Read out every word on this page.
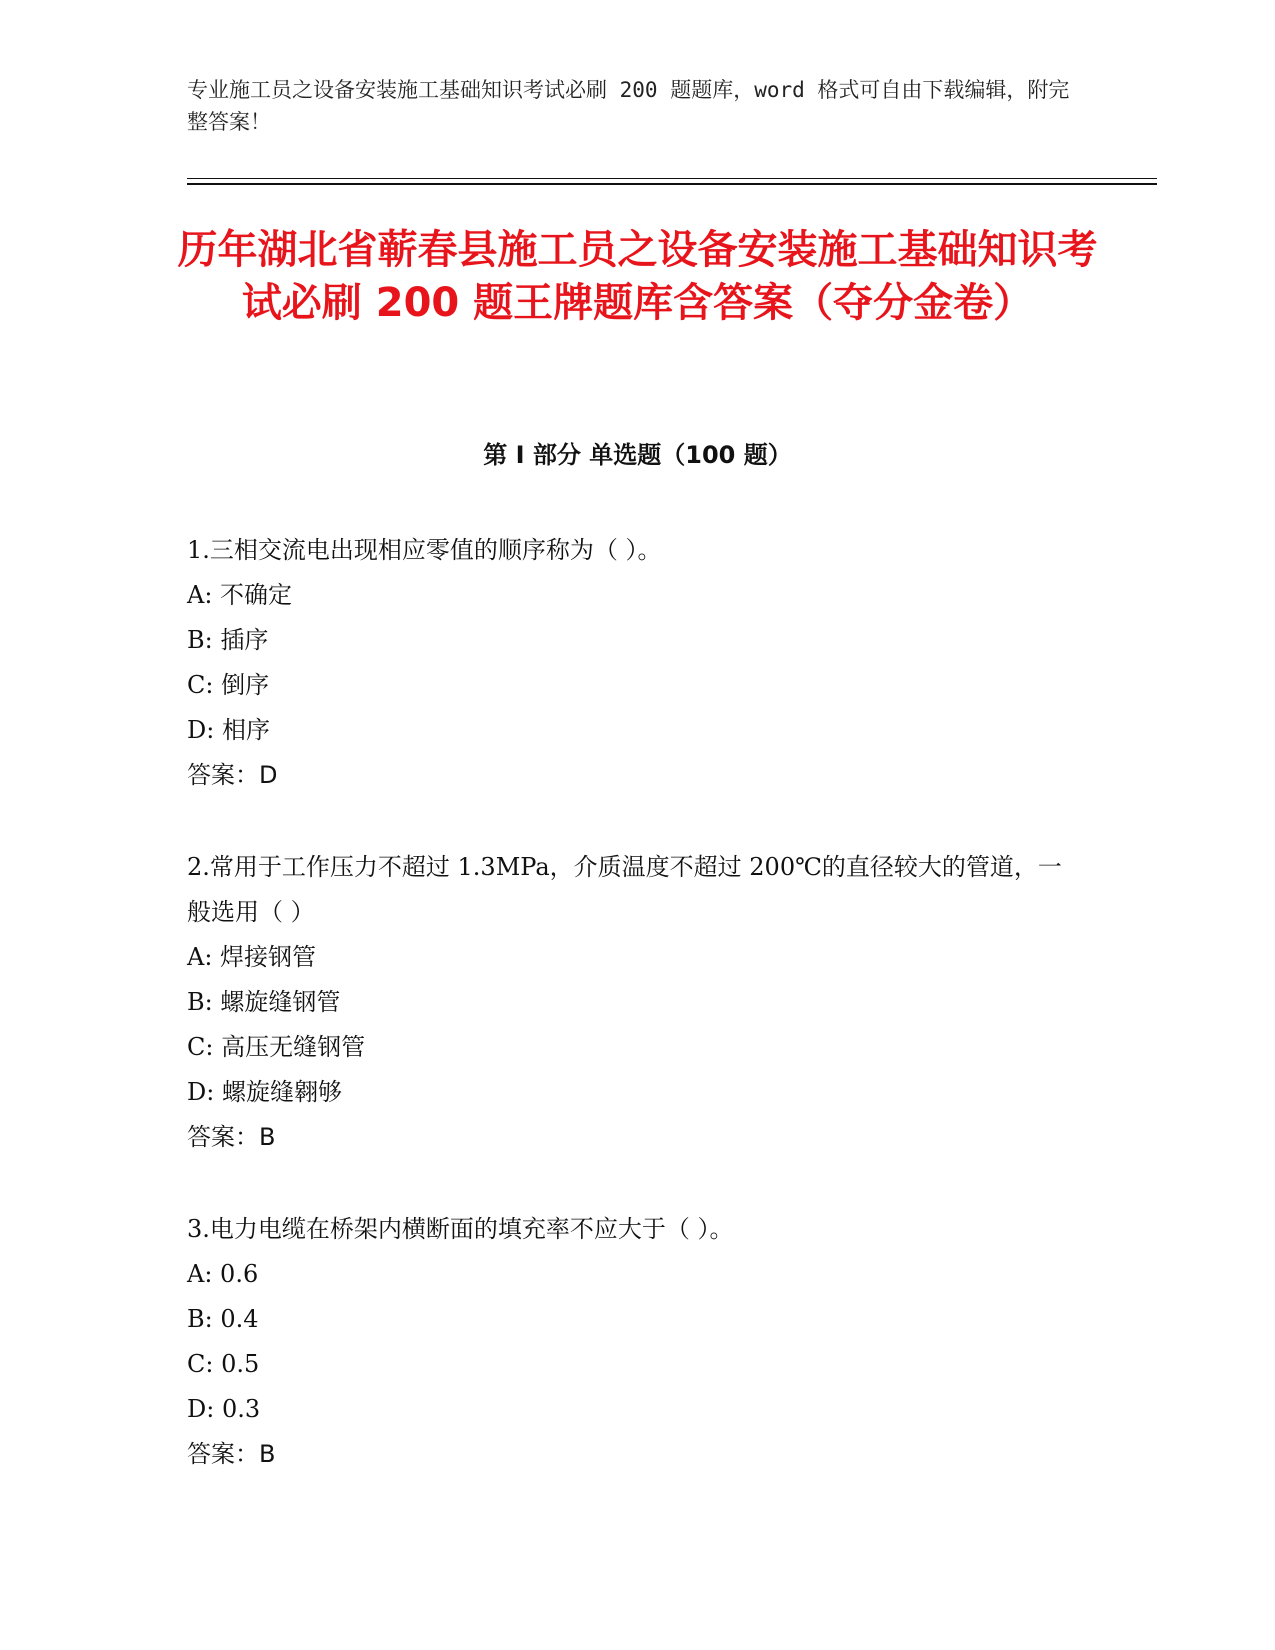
专业施工员之设备安装施工基础知识考试必刷 200 题题库，word 格式可自由下载编辑，附完整答案！
历年湖北省蕲春县施工员之设备安装施工基础知识考试必刷 200 题王牌题库含答案（夺分金卷）
第 I 部分 单选题（100 题）

1.三相交流电出现相应零值的顺序称为（ ）。

A: 不确定

B: 插序

C: 倒序

D: 相序

答案：D

2.常用于工作压力不超过 1.3MPa，介质温度不超过 200℃的直径较大的管道，一般选用（ ）

A: 焊接钢管

B: 螺旋缝钢管

C: 高压无缝钢管

D: 螺旋缝翱够

答案：B

3.电力电缆在桥架内横断面的填充率不应大于（ ）。

A: 0.6

B: 0.4

C: 0.5

D: 0.3

答案：B
